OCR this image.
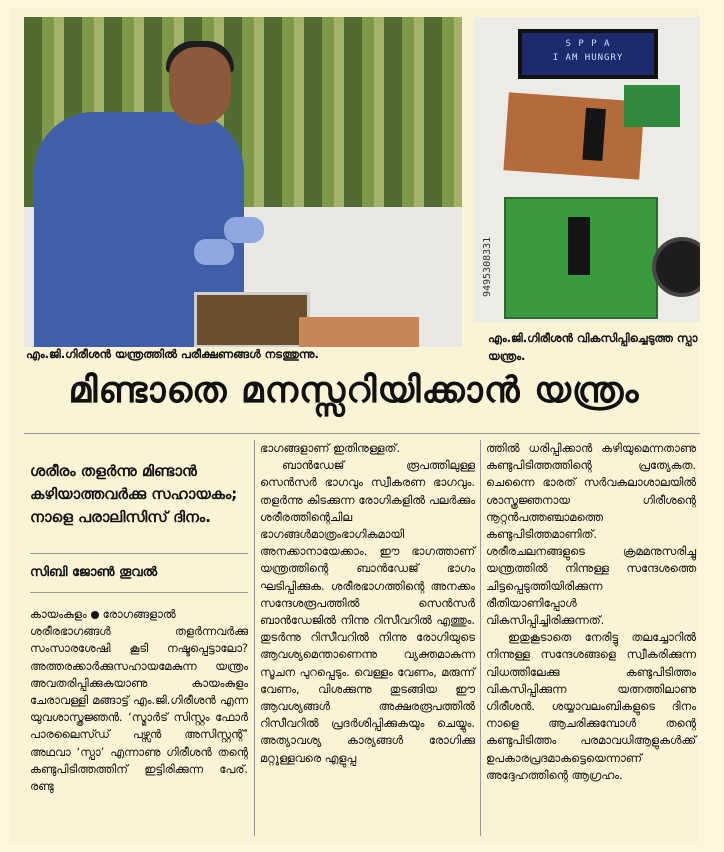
എം.ജി.ഗിരീശൻ യന്ത്രത്തിൽ പരീക്ഷണങ്ങൾ നടത്തുന്നു.
S P P A
I AM HUNGRY
9495308331
എം.ജി.ഗിരീശൻ വികസിപ്പിച്ചെടുത്ത സ്പാ യന്ത്രം.
മിണ്ടാതെ മനസ്സറിയിക്കാൻ യന്ത്രം
ശരീരം തളർന്നു മിണ്ടാൻ കഴിയാത്തവർക്കു സഹായകം; നാളെ പരാലിസിസ് ദിനം.
സിബി ജോൺ തൂവൽ

കായംകുളം രോഗങ്ങളാൽ ശരീരഭാഗങ്ങൾ തളർന്നവർക്കു സംസാരശേഷി കൂടി നഷ്ടപ്പെട്ടാലോ?അത്തരക്കാർക്കുസഹായമേകുന്ന യന്ത്രം അവതരിപ്പിക്കുകയാണു കായംകുളം ചേരാവള്ളി മങ്ങാട്ട് എം.ജി.ഗിരീശൻ എന്ന യുവശാസ്ത്രജ്ഞൻ. ‘സ്മാർട് സിസ്റ്റം ഫോർ പാരലൈസ്ഡ് പഴ്സൻ അസിസ്റ്റന്റ്’ അഥവാ ‘സ്പാ’ എന്നാണു ഗിരീശൻ തന്റെ കണ്ടുപിടിത്തത്തിന് ഇട്ടിരിക്കുന്ന പേര്. രണ്ടു

ഭാഗങ്ങളാണ് ഇതിനുള്ളത്.

ബാൻഡേജ് രൂപത്തിലുള്ള സെൻസർ ഭാഗവും സ്വീകരണ ഭാഗവും. തളർന്നു കിടക്കുന്ന രോഗികളിൽ പലർക്കും ശരീരത്തിന്റെചില ഭാഗങ്ങൾമാത്രംഭാഗികമായി അനക്കാനായേക്കാം. ഈ ഭാഗത്താണ് യന്ത്രത്തിന്റെ ബാൻഡേജ് ഭാഗം ഘടിപ്പിക്കുക. ശരീരഭാഗത്തിന്റെ അനക്കം സന്ദേശരൂപത്തിൽ സെൻസർ ബാൻഡേജിൽ നിന്നു റിസീവറിൽ എത്തും. തുടർന്നു റിസീവറിൽ നിന്നു രോഗിയുടെ ആവശ്യമെന്താണെന്നു വ്യക്തമാകുന്ന സൂചന പുറപ്പെടും. വെള്ളം വേണം, മരുന്ന് വേണം, വിശക്കുന്നു തുടങ്ങിയ ഈ ആവശ്യങ്ങൾ അക്ഷരരൂപത്തിൽ റിസീവറിൽ പ്രദർശിപ്പിക്കുകയും ചെയ്യും. അത്യാവശ്യ കാര്യങ്ങൾ രോഗിക്കു മറ്റുള്ളവരെ എളുപ്പ

ത്തിൽ ധരിപ്പിക്കാൻ കഴിയുമെന്നതാണു കണ്ടുപിടിത്തത്തിന്റെ പ്രത്യേകത. ചെന്നൈ ഭാരത് സർവകലാശാലയിൽ ശാസ്ത്രജ്ഞനായ ഗിരീശന്റെ നൂറ്റൻപത്തഞ്ചാമത്തെ കണ്ടുപിടിത്തമാണിത്. ശരീരചലനങ്ങളുടെ ക്രമമനുസരിച്ചു യന്ത്രത്തിൽ നിന്നുള്ള സന്ദേശത്തെ ചിട്ടപ്പെടുത്തിയിരിക്കുന്ന രീതിയാണിപ്പോൾ വികസിപ്പിച്ചിരിക്കുന്നത്.

ഇതുകൂടാതെ നേരിട്ടു തലച്ചോറിൽ നിന്നുള്ള സന്ദേശങ്ങളെ സ്വീകരിക്കുന്ന വിധത്തിലേക്കു കണ്ടുപിടിത്തം വികസിപ്പിക്കുന്ന യത്നത്തിലാണു ഗിരീശൻ. ശയ്യാവലംബികളുടെ ദിനം നാളെ ആചരിക്കുമ്പോൾ തന്റെ കണ്ടുപിടിത്തം പരമാവധിആളുകൾക്ക് ഉപകാരപ്രദമാകട്ടെയെന്നാണ് അദ്ദേഹത്തിന്റെ ആഗ്രഹം.
